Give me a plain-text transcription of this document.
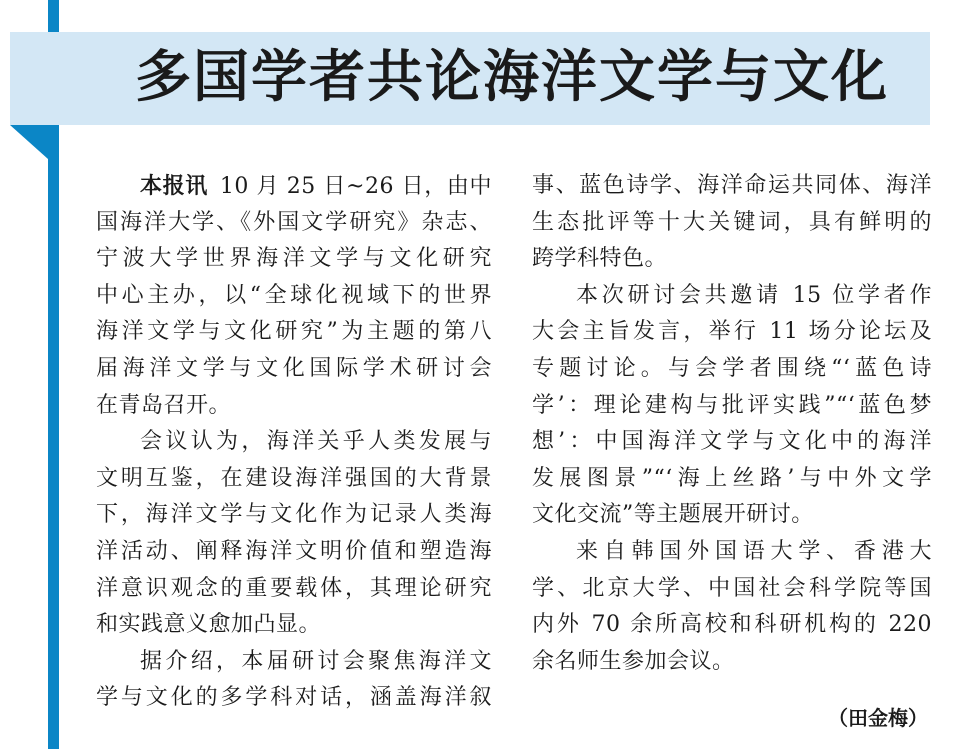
多国学者共论海洋文学与文化
本报讯 10 月 25 日~26 日，由中
国海洋大学、《外国文学研究》杂志、
宁波大学世界海洋文学与文化研究
中心主办，以“全球化视域下的世界
海洋文学与文化研究”为主题的第八
届海洋文学与文化国际学术研讨会
在青岛召开。
会议认为，海洋关乎人类发展与
文明互鉴，在建设海洋强国的大背景
下，海洋文学与文化作为记录人类海
洋活动、阐释海洋文明价值和塑造海
洋意识观念的重要载体，其理论研究
和实践意义愈加凸显。
据介绍，本届研讨会聚焦海洋文
学与文化的多学科对话，涵盖海洋叙
事、蓝色诗学、海洋命运共同体、海洋
生态批评等十大关键词，具有鲜明的
跨学科特色。
本次研讨会共邀请 15 位学者作
大会主旨发言，举行 11 场分论坛及
专题讨论。与会学者围绕“‘蓝色诗
学’：理论建构与批评实践”“‘蓝色梦
想’：中国海洋文学与文化中的海洋
发展图景”“‘海上丝路’与中外文学
文化交流”等主题展开研讨。
来自韩国外国语大学、香港大
学、北京大学、中国社会科学院等国
内外 70 余所高校和科研机构的 220
余名师生参加会议。
（田金梅）
